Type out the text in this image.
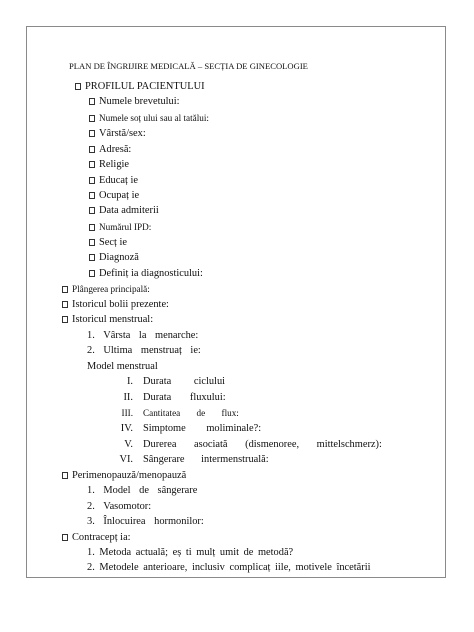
PLAN DE ÎNGRIJIRE MEDICALĂ – SECȚIA DE GINECOLOGIE
PROFILUL PACIENTULUI
Numele brevetului:
Numele soț ului sau al tatălui:
Vârstă/sex:
Adresă:
Religie
Educaț ie
Ocupaț ie
Data admiterii
Numărul IPD:
Secț ie
Diagnoză
Definiț ia diagnosticului:
Plângerea principală:
Istoricul bolii prezente:
Istoricul menstrual:
1. Vârsta la menarche:
2. Ultima menstruaț ie:
Model menstrual
I. Durata ciclului
II. Durata fluxului:
III. Cantitatea de flux:
IV. Simptome moliminale?:
V. Durerea asociată (dismenoree, mittelschmerz):
VI. Sângerare intermenstruală:
Perimenopauză/menopauză
1. Model de sângerare
2. Vasomotor:
3. Înlocuirea hormonilor:
Contracepț ia:
1. Metoda actuală; eș ti mulț umit de metodă?
2. Metodele anterioare, inclusiv complicaț iile, motivele încetării
